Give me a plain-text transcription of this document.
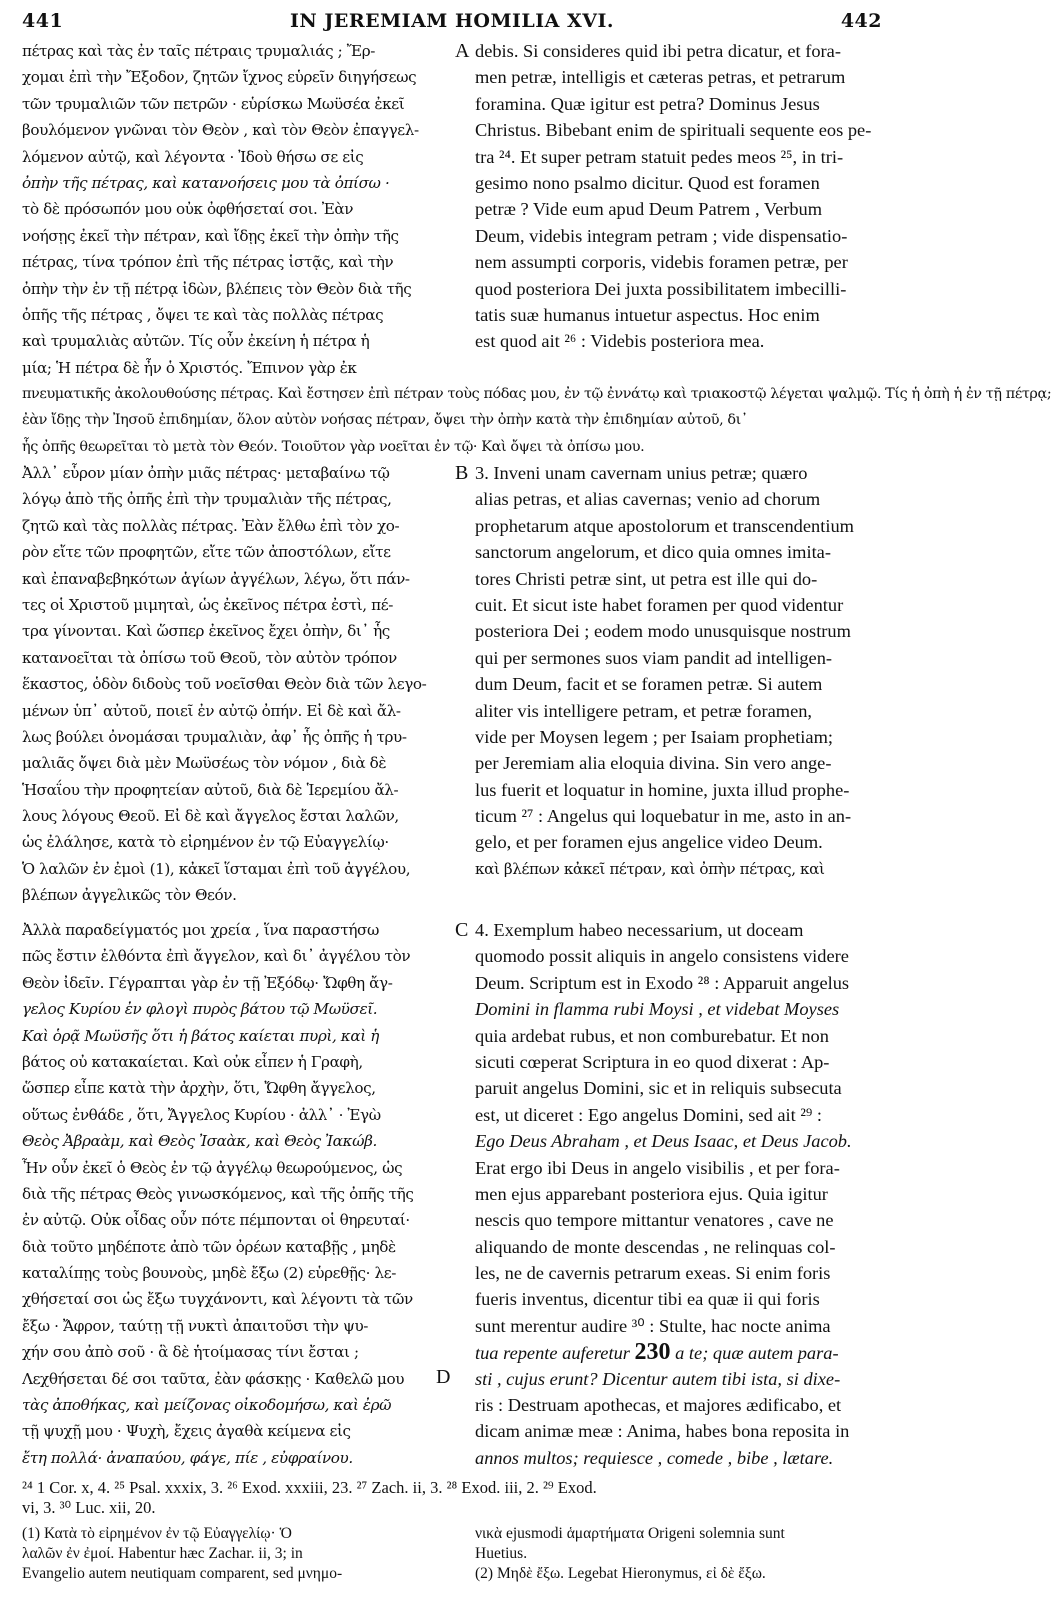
441	IN JEREMIAM HOMILIA XVI.	442
πέτρας καὶ τὰς ἐν ταῖς πέτραις τρυμαλιάς ; Ἔρ-
χομαι ἐπὶ τὴν Ἔξοδον, ζητῶν ἴχνος εὑρεῖν διηγήσεως
τῶν τρυμαλιῶν τῶν πετρῶν · εὑρίσκω Μωϋσέα ἐκεῖ
βουλόμενον γνῶναι τὸν Θεὸν , καὶ τὸν Θεὸν ἐπαγγελ-
λόμενον αὐτῷ, καὶ λέγοντα · Ἰδοὺ θήσω σε εἰς
ὀπὴν τῆς πέτρας, καὶ κατανοήσεις μου τὰ ὀπίσω ·
τὸ δὲ πρόσωπόν μου οὐκ ὀφθήσεταί σοι. Ἐὰν
νοήσῃς ἐκεῖ τὴν πέτραν, καὶ ἴδῃς ἐκεῖ τὴν ὀπὴν τῆς
πέτρας, τίνα τρόπον ἐπὶ τῆς πέτρας ἱστᾷς, καὶ τὴν
ὀπὴν τὴν ἐν τῇ πέτρᾳ ἰδὼν, βλέπεις τὸν Θεὸν διὰ τῆς
ὀπῆς τῆς πέτρας , ὄψει τε καὶ τὰς πολλὰς πέτρας
καὶ τρυμαλιὰς αὐτῶν. Τίς οὖν ἐκείνη ἡ πέτρα ἡ
μία; Ἡ πέτρα δὲ ἦν ὁ Χριστός. Ἔπινον γὰρ ἐκ
A debis. Si consideres quid ibi petra dicatur, et fora-
men petræ, intelligis et cæteras petras, et petrarum
foramina. Quæ igitur est petra? Dominus Jesus
Christus. Bibebant enim de spirituali sequente eos pe-
tra ²⁴. Et super petram statuit pedes meos ²⁵, in tri-
gesimo nono psalmo dicitur. Quod est foramen
petræ ? Vide eum apud Deum Patrem , Verbum
Deum, videbis integram petram ; vide dispensatio-
nem assumpti corporis, videbis foramen petræ, per
quod posteriora Dei juxta possibilitatem imbecilli-
tatis suæ humanus intuetur aspectus. Hoc enim
est quod ait ²⁶ : Videbis posteriora mea.
πνευματικῆς ἀκολουθούσης πέτρας. Καὶ ἔστησεν ἐπὶ πέτραν τοὺς πόδας μου, ἐν τῷ ἐννάτῳ καὶ τριακοστῷ λέγεται ψαλμῷ. Τίς ἡ ὀπὴ ἡ ἐν τῇ πέτρᾳ;
ἐὰν ἴδῃς τὴν Ἰησοῦ ἐπιδημίαν, ὅλον αὐτὸν νοήσας πέτραν, ὄψει τὴν ὀπὴν κατὰ τὴν ἐπιδημίαν αὐτοῦ, δι᾽
ἧς ὀπῆς θεωρεῖται τὸ μετὰ τὸν Θεόν. Τοιοῦτον γὰρ νοεῖται ἐν τῷ· Καὶ ὄψει τὰ ὀπίσω μου.
Ἀλλ᾽ εὗρον μίαν ὀπὴν μιᾶς πέτρας· μεταβαίνω τῷ
λόγῳ ἀπὸ τῆς ὀπῆς ἐπὶ τὴν τρυμαλιὰν τῆς πέτρας,
ζητῶ καὶ τὰς πολλὰς πέτρας. Ἐὰν ἔλθω ἐπὶ τὸν χο-
ρὸν εἴτε τῶν προφητῶν, εἴτε τῶν ἀποστόλων, εἴτε
καὶ ἐπαναβεβηκότων ἁγίων ἀγγέλων, λέγω, ὅτι πάν-
τες οἱ Χριστοῦ μιμηταὶ, ὡς ἐκεῖνος πέτρα ἐστὶ, πέ-
τρα γίνονται. Καὶ ὥσπερ ἐκεῖνος ἔχει ὀπὴν, δι᾽ ἧς
κατανοεῖται τὰ ὀπίσω τοῦ Θεοῦ, τὸν αὐτὸν τρόπον
ἕκαστος, ὁδὸν διδοὺς τοῦ νοεῖσθαι Θεὸν διὰ τῶν λεγο-
μένων ὑπ᾽ αὐτοῦ, ποιεῖ ἐν αὐτῷ ὀπήν. Εἰ δὲ καὶ ἄλ-
λως βούλει ὀνομάσαι τρυμαλιὰν, ἀφ᾽ ἧς ὀπῆς ἡ τρυ-
μαλιᾶς ὄψει διὰ μὲν Μωϋσέως τὸν νόμον , διὰ δὲ
Ἡσαΐου τὴν προφητείαν αὐτοῦ, διὰ δὲ Ἱερεμίου ἄλ-
λους λόγους Θεοῦ. Εἰ δὲ καὶ ἄγγελος ἔσται λαλῶν,
ὡς ἐλάλησε, κατὰ τὸ εἰρημένον ἐν τῷ Εὐαγγελίῳ·
Ὁ λαλῶν ἐν ἐμοὶ (1), κἀκεῖ ἵσταμαι ἐπὶ τοῦ ἀγγέλου,
βλέπων ἀγγελικῶς τὸν Θεόν.
B 3. Inveni unam cavernam unius petræ; quæro
alias petras, et alias cavernas; venio ad chorum
prophetarum atque apostolorum et transcendentium
sanctorum angelorum, et dico quia omnes imita-
tores Christi petræ sint, ut petra est ille qui do-
cuit. Et sicut iste habet foramen per quod videntur
posteriora Dei ; eodem modo unusquisque nostrum
qui per sermones suos viam pandit ad intelligen-
dum Deum, facit et se foramen petræ. Si autem
aliter vis intelligere petram, et petræ foramen,
vide per Moysen legem ; per Isaiam prophetiam;
per Jeremiam alia eloquia divina. Sin vero ange-
lus fuerit et loquatur in homine, juxta illud prophe-
ticum ²⁷ : Angelus qui loquebatur in me, asto in an-
gelo, et per foramen ejus angelice video Deum.
καὶ βλέπων κἀκεῖ πέτραν, καὶ ὀπὴν πέτρας, καὶ
Ἀλλὰ παραδείγματός μοι χρεία , ἵνα παραστήσω
πῶς ἔστιν ἐλθόντα ἐπὶ ἄγγελον, καὶ δι᾽ ἀγγέλου τὸν
Θεὸν ἰδεῖν. Γέγραπται γὰρ ἐν τῇ Ἐξόδῳ· Ὤφθη ἄγ-
γελος Κυρίου ἐν φλογὶ πυρὸς βάτου τῷ Μωϋσεῖ.
Καὶ ὁρᾷ Μωϋσῆς ὅτι ἡ βάτος καίεται πυρὶ, καὶ ἡ
βάτος οὐ κατακαίεται. Καὶ οὐκ εἶπεν ἡ Γραφὴ,
ὥσπερ εἶπε κατὰ τὴν ἀρχὴν, ὅτι, Ὤφθη ἄγγελος,
οὕτως ἐνθάδε , ὅτι, Ἄγγελος Κυρίου · ἀλλ᾽ · Ἐγὼ
Θεὸς Ἀβραὰμ, καὶ Θεὸς Ἰσαὰκ, καὶ Θεὸς Ἰακώβ.
Ἦν οὖν ἐκεῖ ὁ Θεὸς ἐν τῷ ἀγγέλῳ θεωρούμενος, ὡς
διὰ τῆς πέτρας Θεὸς γινωσκόμενος, καὶ τῆς ὀπῆς τῆς
ἐν αὐτῷ. Οὐκ οἶδας οὖν πότε πέμπονται οἱ θηρευταί·
διὰ τοῦτο μηδέποτε ἀπὸ τῶν ὀρέων καταβῇς , μηδὲ
καταλίπῃς τοὺς βουνοὺς, μηδὲ ἔξω (2) εὑρεθῇς· λε-
χθήσεταί σοι ὡς ἔξω τυγχάνοντι, καὶ λέγοντι τὰ τῶν
ἔξω · Ἄφρον, ταύτῃ τῇ νυκτὶ ἀπαιτοῦσι τὴν ψυ-
χήν σου ἀπὸ σοῦ · ἃ δὲ ἡτοίμασας τίνι ἔσται ;
Λεχθήσεται δέ σοι ταῦτα, ἐὰν φάσκῃς · Καθελῶ μου
τὰς ἀποθήκας, καὶ μείζονας οἰκοδομήσω, καὶ ἐρῶ
τῇ ψυχῇ μου · Ψυχὴ, ἔχεις ἀγαθὰ κείμενα εἰς
ἔτη πολλά· ἀναπαύου, φάγε, πίε , εὐφραίνου.
C
D
4. Exemplum habeo necessarium, ut doceam
quomodo possit aliquis in angelo consistens videre
Deum. Scriptum est in Exodo ²⁸ : Apparuit angelus
Domini in flamma rubi Moysi , et videbat Moyses
quia ardebat rubus, et non comburebatur. Et non
sicuti cœperat Scriptura in eo quod dixerat : Ap-
paruit angelus Domini, sic et in reliquis subsecuta
est, ut diceret : Ego angelus Domini, sed ait ²⁹ :
Ego Deus Abraham , et Deus Isaac, et Deus Jacob.
Erat ergo ibi Deus in angelo visibilis , et per fora-
men ejus apparebant posteriora ejus. Quia igitur
nescis quo tempore mittantur venatores , cave ne
aliquando de monte descendas , ne relinquas col-
les, ne de cavernis petrarum exeas. Si enim foris
fueris inventus, dicentur tibi ea quæ ii qui foris
sunt merentur audire ³⁰ : Stulte, hac nocte anima
tua repente auferetur 230 a te; quæ autem para-
sti , cujus erunt? Dicentur autem tibi ista, si dixe-
ris : Destruam apothecas, et majores ædificabo, et
dicam animæ meæ : Anima, habes bona reposita in
annos multos; requiesce , comede , bibe , lætare.
²⁴ 1 Cor. x, 4. ²⁵ Psal. xxxix, 3. ²⁶ Exod. xxxiii, 23. ²⁷ Zach. ii, 3. ²⁸ Exod. iii, 2. ²⁹ Exod.
vi, 3. ³⁰ Luc. xii, 20.
(1) Κατὰ τὸ εἰρημένον ἐν τῷ Εὐαγγελίῳ· Ὁ
λαλῶν ἐν ἐμοί. Habentur hæc Zachar. ii, 3; in
Evangelio autem neutiquam comparent, sed μνημο-
νικὰ ejusmodi ἁμαρτήματα Origeni solemnia sunt
Huetius.
(2) Μηδὲ ἔξω. Legebat Hieronymus, εἰ δὲ ἔξω.
